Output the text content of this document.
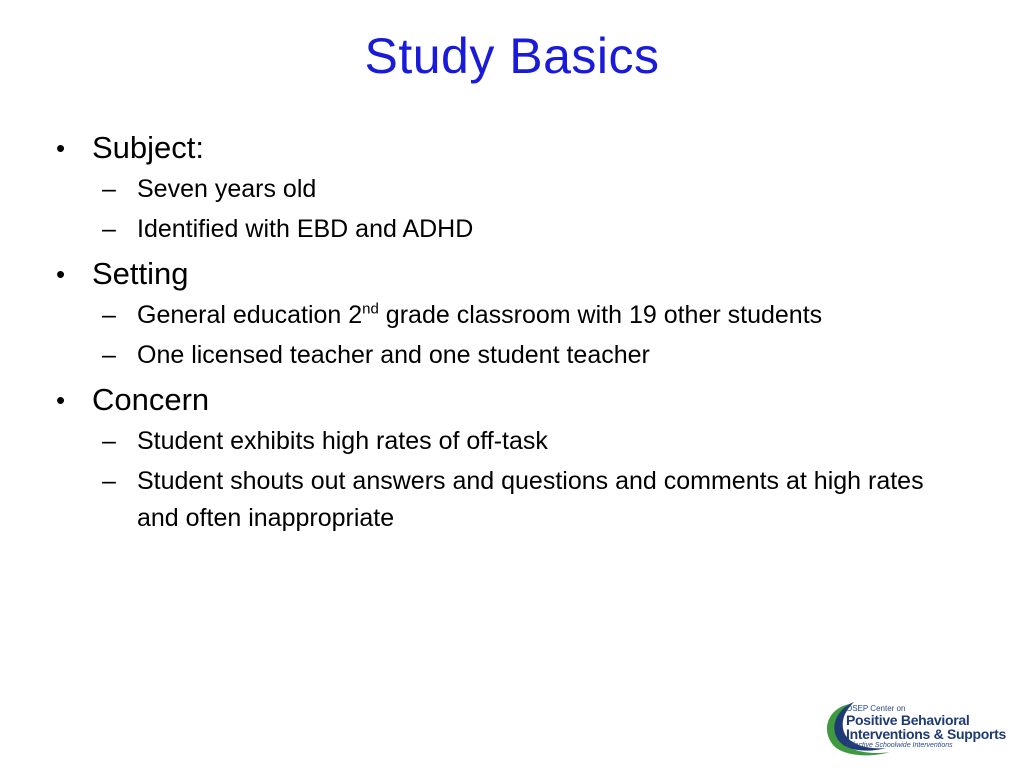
Study Basics
• Subject:
– Seven years old
– Identified with EBD and ADHD
• Setting
– General education 2nd grade classroom with 19 other students
– One licensed teacher and one student teacher
• Concern
– Student exhibits high rates of off-task
– Student shouts out answers and questions and comments at high rates and often inappropriate
OSEP Center on
Positive Behavioral
Interventions & Supports
Effective Schoolwide Interventions
